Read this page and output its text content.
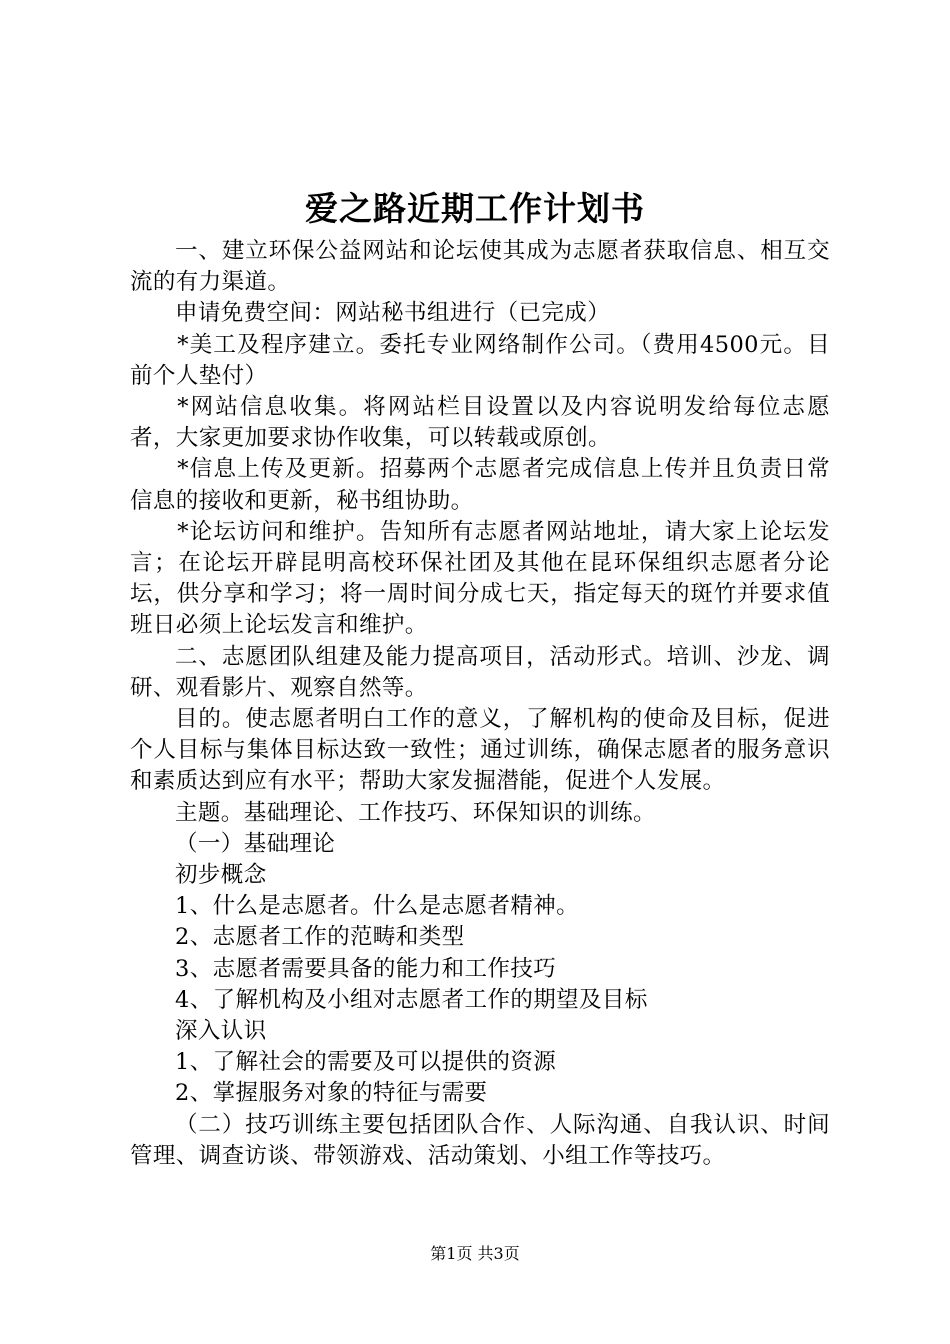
爱之路近期工作计划书

一、建立环保公益网站和论坛使其成为志愿者获取信息、相互交流的有力渠道。

申请免费空间：网站秘书组进行（已完成）

*美工及程序建立。委托专业网络制作公司。（费用4500元。目前个人垫付）

*网站信息收集。将网站栏目设置以及内容说明发给每位志愿者，大家更加要求协作收集，可以转载或原创。

*信息上传及更新。招募两个志愿者完成信息上传并且负责日常信息的接收和更新，秘书组协助。

*论坛访问和维护。告知所有志愿者网站地址，请大家上论坛发言；在论坛开辟昆明高校环保社团及其他在昆环保组织志愿者分论坛，供分享和学习；将一周时间分成七天，指定每天的斑竹并要求值班日必须上论坛发言和维护。

二、志愿团队组建及能力提高项目，活动形式。培训、沙龙、调研、观看影片、观察自然等。

目的。使志愿者明白工作的意义，了解机构的使命及目标，促进个人目标与集体目标达致一致性；通过训练，确保志愿者的服务意识和素质达到应有水平；帮助大家发掘潜能，促进个人发展。

主题。基础理论、工作技巧、环保知识的训练。

（一）基础理论

初步概念

1、什么是志愿者。什么是志愿者精神。

2、志愿者工作的范畴和类型

3、志愿者需要具备的能力和工作技巧

4、了解机构及小组对志愿者工作的期望及目标

深入认识

1、了解社会的需要及可以提供的资源

2、掌握服务对象的特征与需要

（二）技巧训练主要包括团队合作、人际沟通、自我认识、时间管理、调查访谈、带领游戏、活动策划、小组工作等技巧。

第1页 共3页
